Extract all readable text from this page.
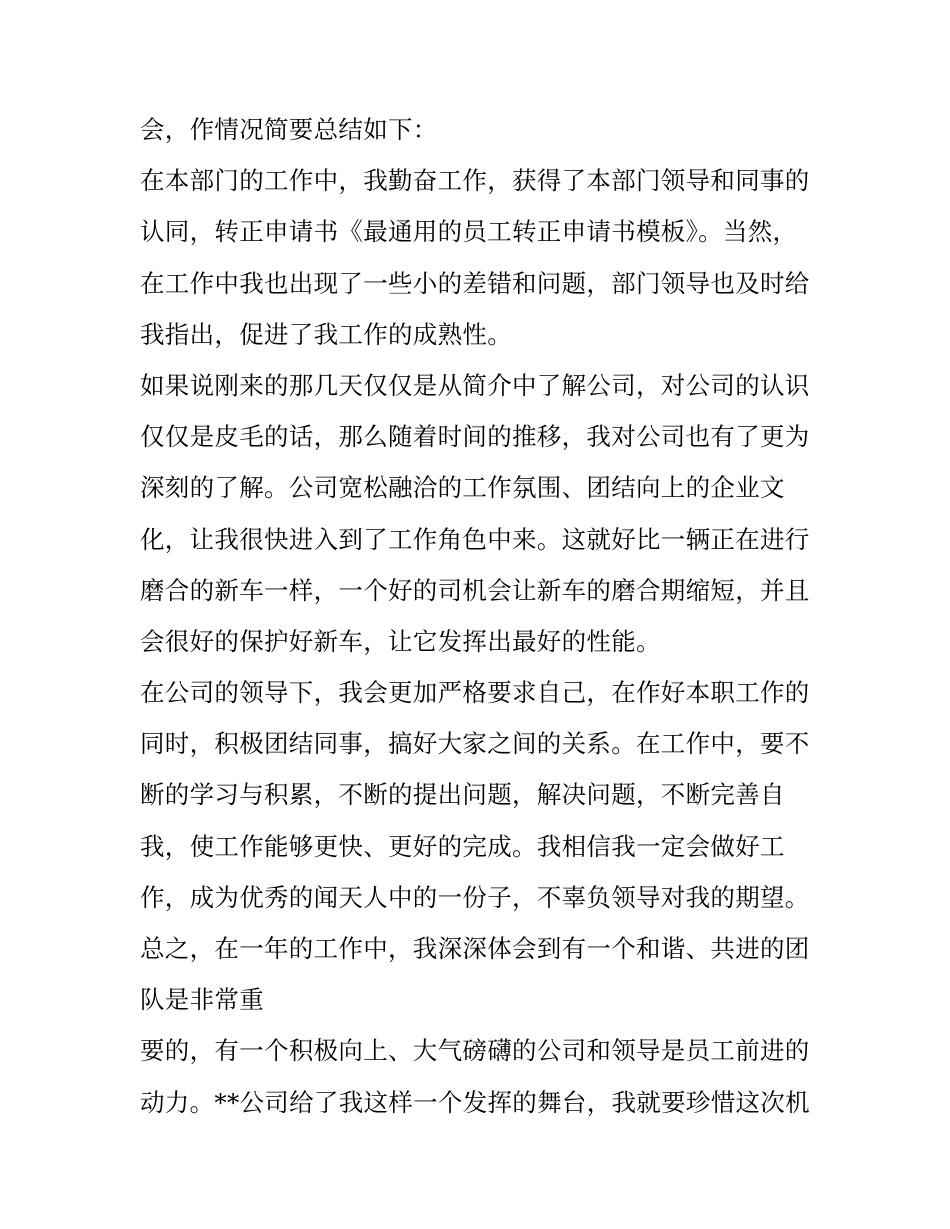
会，作情况简要总结如下：
在本部门的工作中，我勤奋工作，获得了本部门领导和同事的
认同，转正申请书《最通用的员工转正申请书模板》。当然，
在工作中我也出现了一些小的差错和问题，部门领导也及时给
我指出，促进了我工作的成熟性。
如果说刚来的那几天仅仅是从简介中了解公司，对公司的认识
仅仅是皮毛的话，那么随着时间的推移，我对公司也有了更为
深刻的了解。公司宽松融洽的工作氛围、团结向上的企业文
化，让我很快进入到了工作角色中来。这就好比一辆正在进行
磨合的新车一样，一个好的司机会让新车的磨合期缩短，并且
会很好的保护好新车，让它发挥出最好的性能。
在公司的领导下，我会更加严格要求自己，在作好本职工作的
同时，积极团结同事，搞好大家之间的关系。在工作中，要不
断的学习与积累，不断的提出问题，解决问题，不断完善自
我，使工作能够更快、更好的完成。我相信我一定会做好工
作，成为优秀的闻天人中的一份子，不辜负领导对我的期望。
总之，在一年的工作中，我深深体会到有一个和谐、共进的团
队是非常重
要的，有一个积极向上、大气磅礴的公司和领导是员工前进的
动力。**公司给了我这样一个发挥的舞台，我就要珍惜这次机
